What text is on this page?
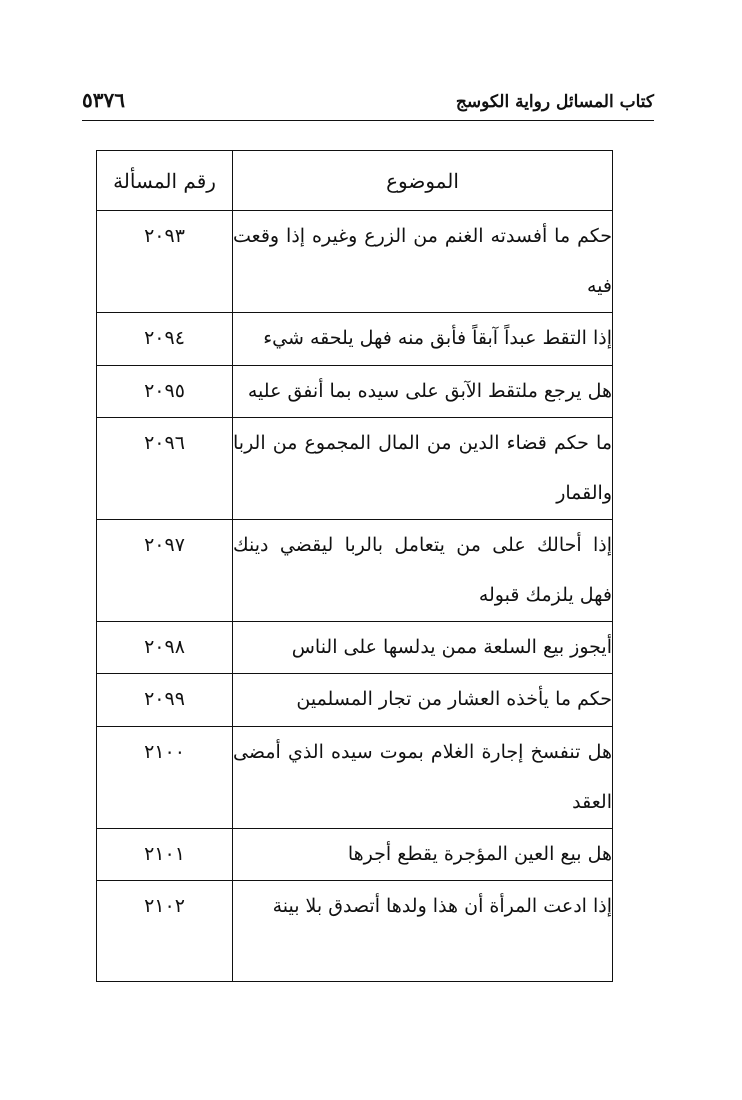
٥٣٧٦	كتاب المسائل رواية الكوسج
الموضوع	رقم المسألة
حكم ما أفسدته الغنم من الزرع وغيره إذا وقعت فيه	٢٠٩٣
إذا التقط عبداً آبقاً فأبق منه فهل يلحقه شيء	٢٠٩٤
هل يرجع ملتقط الآبق على سيده بما أنفق عليه	٢٠٩٥
ما حكم قضاء الدين من المال المجموع من الربا والقمار	٢٠٩٦
إذا أحالك على من يتعامل بالربا ليقضي دينك فهل يلزمك قبوله	٢٠٩٧
أيجوز بيع السلعة ممن يدلسها على الناس	٢٠٩٨
حكم ما يأخذه العشار من تجار المسلمين	٢٠٩٩
هل تنفسخ إجارة الغلام بموت سيده الذي أمضى العقد	٢١٠٠
هل بيع العين المؤجرة يقطع أجرها	٢١٠١
إذا ادعت المرأة أن هذا ولدها أتصدق بلا بينة	٢١٠٢
